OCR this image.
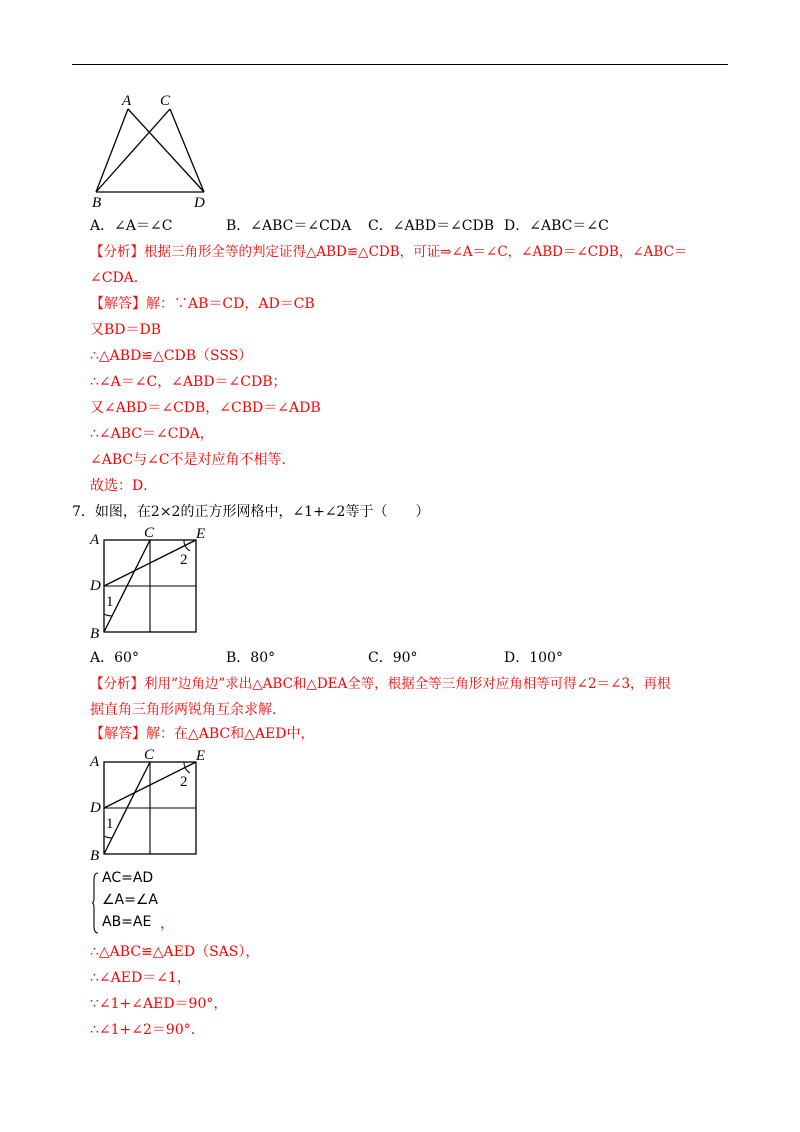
A C
B	D
A．∠A＝∠C	B．∠ABC＝∠CDA C．∠ABD＝∠CDB D．∠ABC＝∠C
【分析】根据三角形全等的判定证得△ABD≌△CDB，可证⇒∠A＝∠C，∠ABD＝∠CDB，∠ABC＝
∠CDA．
【解答】解：∵AB＝CD，AD＝CB
又BD＝DB
∴△ABD≌△CDB（SSS）
∴∠A＝∠C，∠ABD＝∠CDB；
又∠ABD＝∠CDB，∠CBD＝∠ADB
∴∠ABC＝∠CDA，
∠ABC与∠C不是对应角不相等．
故选：D．
7．如图，在2×2的正方形网格中，∠1+∠2等于（　　）
A	C	E
D
B
1
2
A．60°	B．80°	C．90°	D．100°
【分析】利用“边角边”求出△ABC和△DEA全等，根据全等三角形对应角相等可得∠2＝∠3，再根
据直角三角形两锐角互余求解．
【解答】解：在△ABC和△AED中，
A	C	E
D
B
1
2
AC=AD
∠A=∠A
AB=AE ，
∴△ABC≌△AED（SAS），
∴∠AED＝∠1，
∵∠1+∠AED＝90°，
∴∠1+∠2＝90°．
